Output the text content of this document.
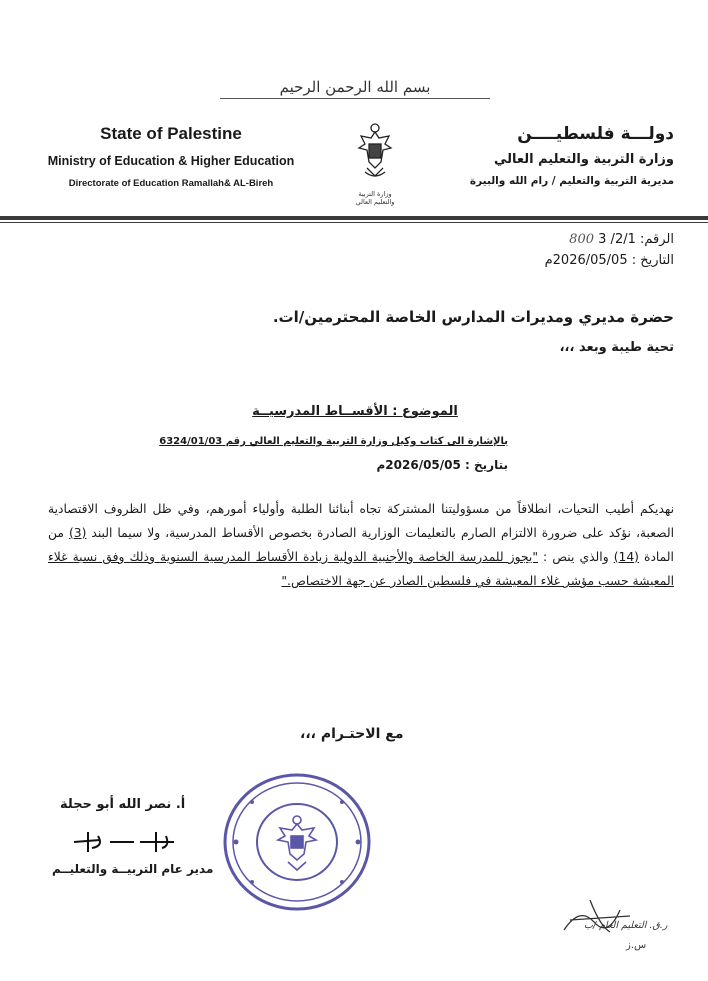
بسم الله الرحمن الرحيم
State of Palestine
Ministry of Education & Higher Education
Directorate of Education Ramallah& AL-Bireh
وزارة التربية والتعليم العالي
دولـــة فلسطيــــن
وزارة التربية والتعليم العالي
مديرية التربية والتعليم / رام الله والبيرة
الرقم: 2/1/ 3 800
التاريخ : 2026/05/05م
حضرة مديري ومديرات المدارس الخاصة المحترمين/ات.
تحية طيبة وبعد ،،،
الموضوع : الأقســاط المدرسيــة
بالإشارة الى كتاب وكيل وزارة التربية والتعليم العالي رقم 6324/01/03
بتاريخ : 2026/05/05م

نهديكم أطيب التحيات، انطلاقاً من مسؤوليتنا المشتركة تجاه أبنائنا الطلبة وأولياء أمورهم، وفي ظل الظروف الاقتصادية الصعبة، نؤكد على ضرورة الالتزام الصارم بالتعليمات الوزارية الصادرة بخصوص الأقساط المدرسية، ولا سيما البند (3) من المادة (14) والذي ينص : "يجوز للمدرسة الخاصة والأجنبية الدولية زيادة الأقساط المدرسية السنوية وذلك وفق نسبة غلاء المعيشة حسب مؤشر غلاء المعيشة في فلسطين الصادر عن جهة الاختصاص."

مع الاحتـرام ،،،
أ. نصر الله أبو حجلة
مدير عام التربيــة والتعليــم
ر.ق. التعليم العام /ب
س.ز
